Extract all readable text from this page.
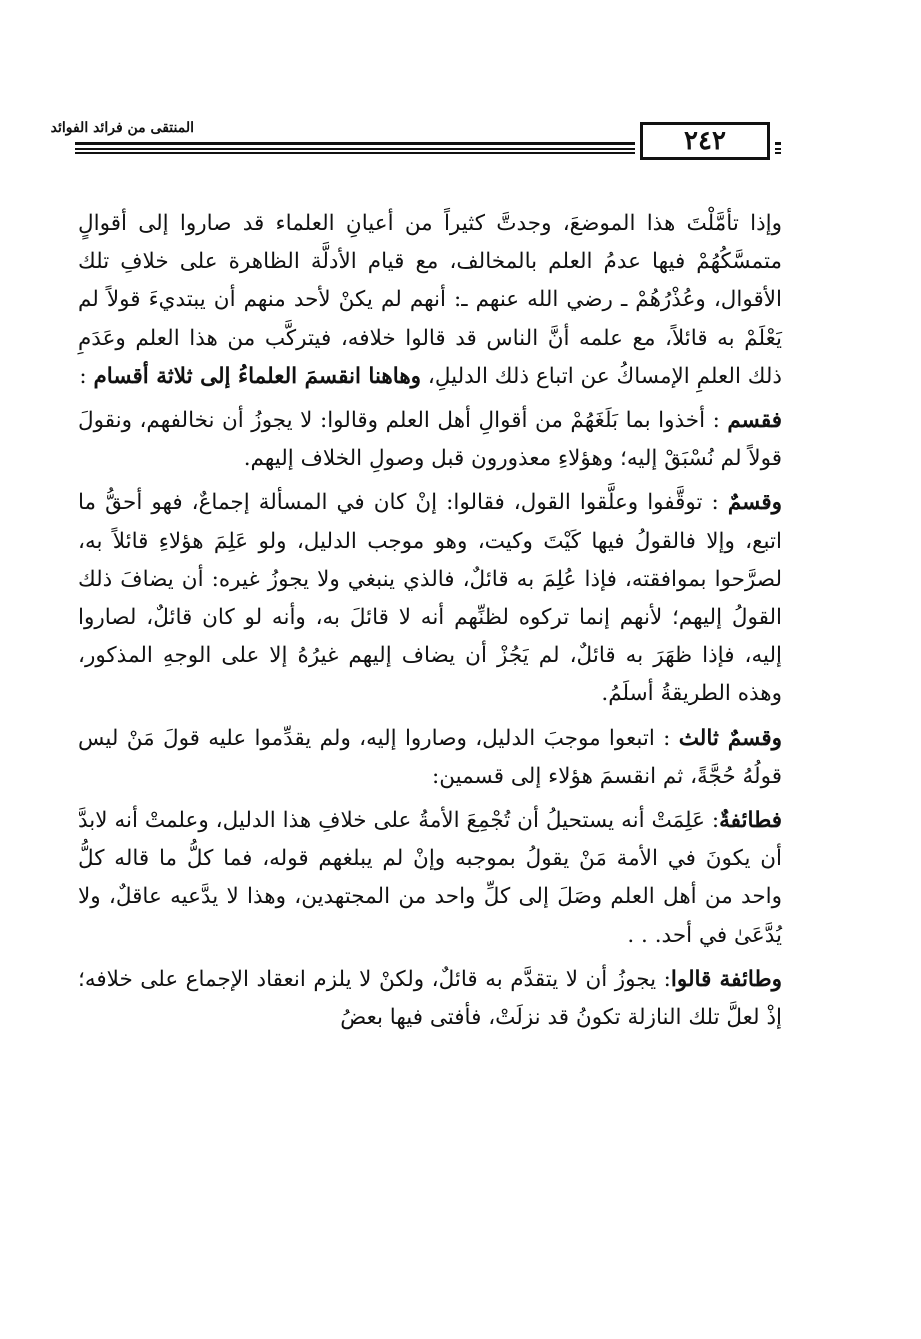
المنتقى من فرائد الفوائد	٢٤٢

وإذا تأمَّلْتَ هذا الموضعَ، وجدتَّ كثيراً من أعيانِ العلماء قد صاروا إلى أقوالٍ متمسَّكُهُمْ فيها عدمُ العلم بالمخالف، مع قيام الأدلَّة الظاهرة على خلافِ تلك الأقوال، وعُذْرُهُمْ ـ رضي الله عنهم ـ: أنهم لم يكنْ لأحد منهم أن يبتديءَ قولاً لم يَعْلَمْ به قائلاً، مع علمه أنَّ الناس قد قالوا خلافه، فيتركَّب من هذا العلم وعَدَمِ ذلك العلمِ الإمساكُ عن اتباع ذلك الدليلِ، وهاهنا انقسمَ العلماءُ إلى ثلاثة أقسام :

فقسم : أخذوا بما بَلَغَهُمْ من أقوالِ أهل العلم وقالوا: لا يجوزُ أن نخالفهم، ونقولَ قولاً لم نُسْبَقْ إليه؛ وهؤلاءِ معذورون قبل وصولِ الخلاف إليهم.

وقسمٌ : توقَّفوا وعلَّقوا القول، فقالوا: إنْ كان في المسألة إجماعٌ، فهو أحقُّ ما اتبع، وإلا فالقولُ فيها كَيْتَ وكيت، وهو موجب الدليل، ولو عَلِمَ هؤلاءِ قائلاً به، لصرَّحوا بموافقته، فإذا عُلِمَ به قائلٌ، فالذي ينبغي ولا يجوزُ غيره: أن يضافَ ذلك القولُ إليهم؛ لأنهم إنما تركوه لظنِّهم أنه لا قائلَ به، وأنه لو كان قائلٌ، لصاروا إليه، فإذا ظهَرَ به قائلٌ، لم يَجُزْ أن يضاف إليهم غيرُهُ إلا على الوجهِ المذكور، وهذه الطريقةُ أسلَمُ.

وقسمٌ ثالث : اتبعوا موجبَ الدليل، وصاروا إليه، ولم يقدِّموا عليه قولَ مَنْ ليس قولُهُ حُجَّةً، ثم انقسمَ هؤلاء إلى قسمين:

فطائفةٌ: عَلِمَتْ أنه يستحيلُ أن تُجْمِعَ الأمةُ على خلافِ هذا الدليل، وعلمتْ أنه لابدَّ أن يكونَ في الأمة مَنْ يقولُ بموجبه وإنْ لم يبلغهم قوله، فما كلُّ ما قاله كلُّ واحد من أهل العلم وصَلَ إلى كلِّ واحد من المجتهدين، وهذا لا يدَّعيه عاقلٌ، ولا يُدَّعَىٰ في أحد. . .

وطائفة قالوا: يجوزُ أن لا يتقدَّم به قائلٌ، ولكنْ لا يلزم انعقاد الإجماع على خلافه؛ إذْ لعلَّ تلك النازلة تكونُ قد نزلَتْ، فأفتى فيها بعضُ
